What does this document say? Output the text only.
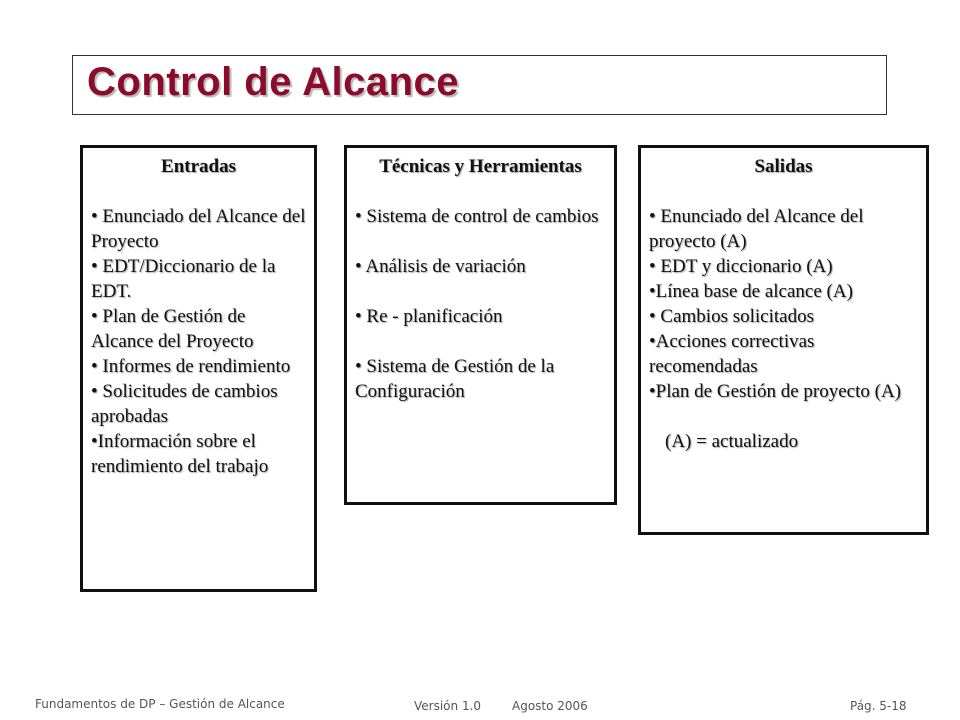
Control de Alcance
Entradas
• Enunciado del Alcance del Proyecto
• EDT/Diccionario de la EDT.
• Plan de Gestión de Alcance del Proyecto
• Informes de rendimiento
• Solicitudes de cambios aprobadas
•Información sobre el rendimiento del trabajo
Técnicas y Herramientas
• Sistema de control de cambios
• Análisis de variación
• Re - planificación
• Sistema de Gestión de la Configuración
Salidas
• Enunciado del Alcance del proyecto (A)
• EDT y diccionario (A)
•Línea base de alcance (A)
• Cambios solicitados
•Acciones correctivas recomendadas
•Plan de Gestión de proyecto (A)
(A) = actualizado
Fundamentos de DP – Gestión de Alcance	Versión 1.0	Agosto 2006	Pág. 5-18
